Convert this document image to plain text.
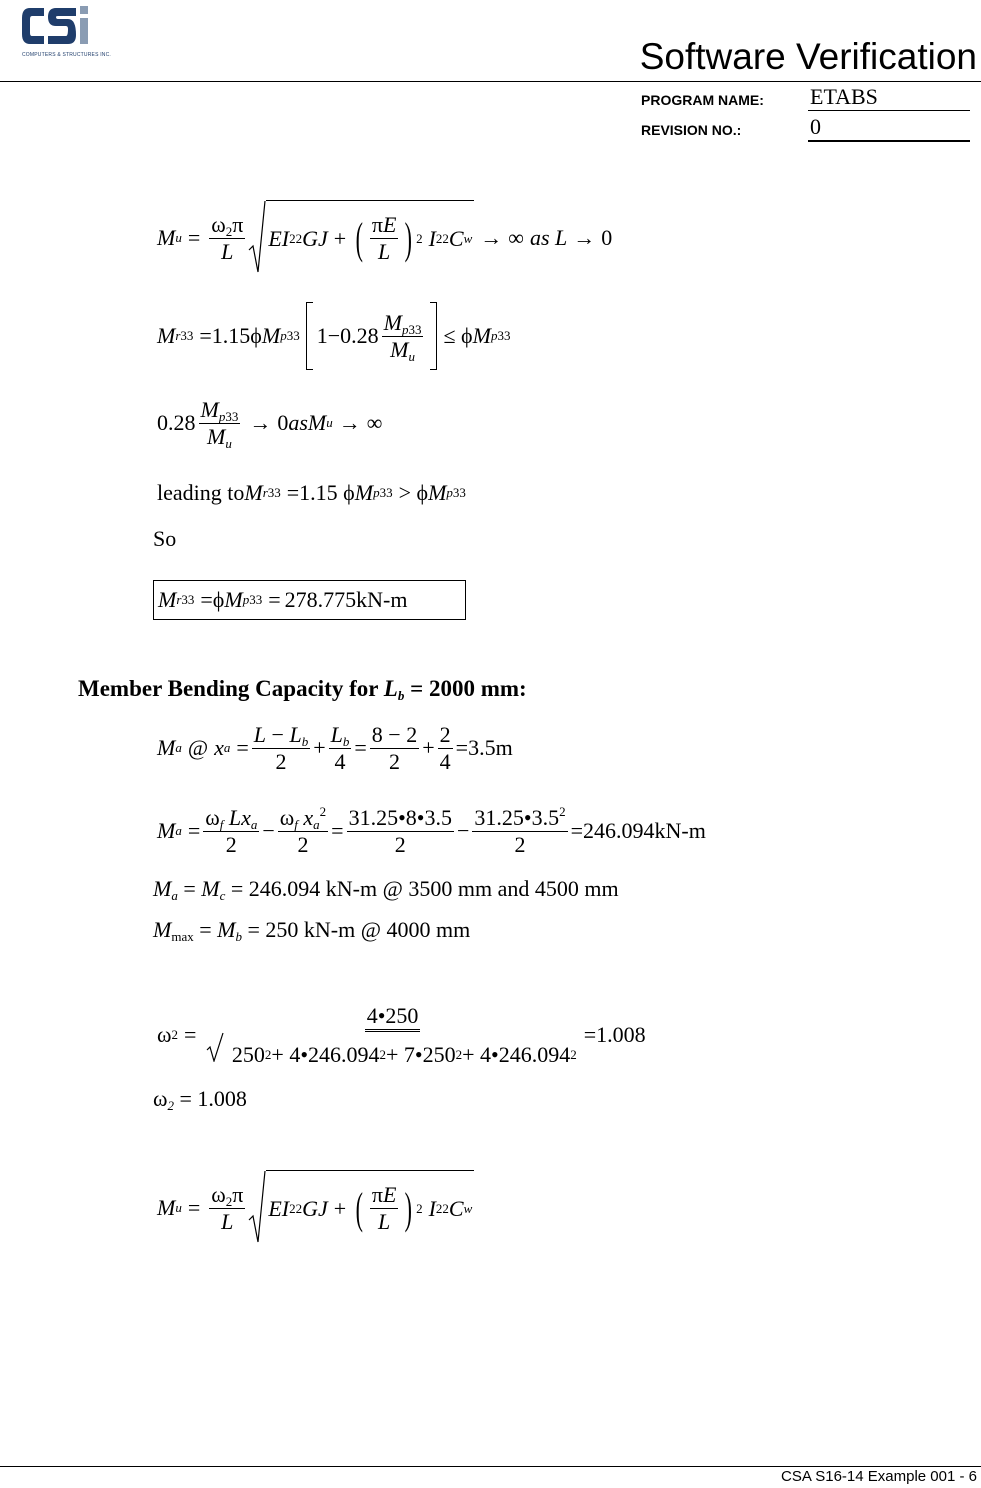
COMPUTERS & STRUCTURES INC.	Software Verification
PROGRAM NAME: ETABS
REVISION NO.:	0
M $u = \frac{\omega_2\pi}{L}$ EI 22 GJ + ( $\frac{\pi E}{L}$ ) 2 I 22 C w → ∞ as L → 0
M r33 =1.15ϕ M p33 $1-0.28 \frac{M_{p33}}{M_u} \le \phi$ M p33
$0.28 \frac{M_{p33}}{M_u} \to 0$ as M u → ∞
leading to M r33 =1.15 ϕ M p33 > ϕ M p33
So
M r33 =ϕ M p33 = 278.775 kN-m
Member Bending Capacity for $L_b = 2000$ mm:
M a @ x $a = \frac{L - L_b}{2} + \frac{L_b}{4} = \frac{8 - 2}{2} + \frac{2}{4} = 3.5$ m
M $a = \frac{\omega_f Lx_a}{2} - \frac{\omega_f x_a^2}{2} = \frac{31.25•8•3.5}{2} - \frac{31.25•3.5^2}{2} = 246.094$ kN-m
$M_a = M_c = 246.094$ kN-m @ 3500 mm and 4500 mm
$M_{max} = M_b = 250$ kN-m @ 4000 mm
ω $2 = \frac{4•250}{250 2 + 4•246.094 2 + 7•250 2 + 4•246.094 2} = 1.008$
$\omega_2 = 1.008$
M $u = \frac{\omega_2\pi}{L}$ EI 22 GJ + ( $\frac{\pi E}{L}$ ) 2 I 22 C w
CSA S16-14 Example 001 - 6
